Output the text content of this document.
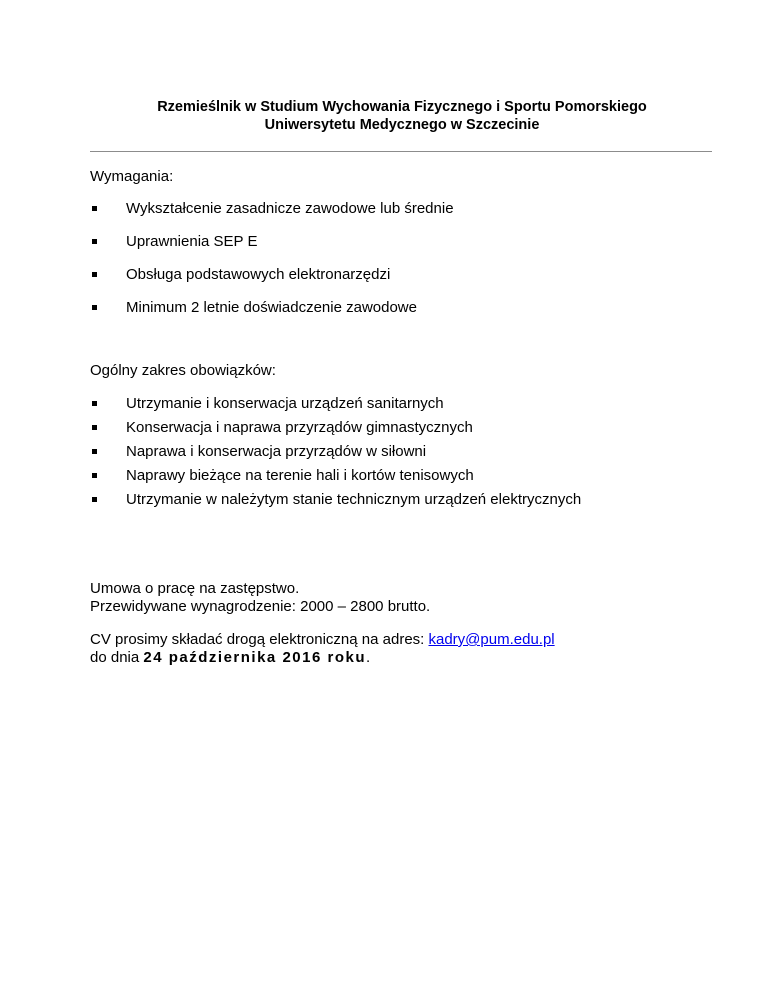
Rzemieślnik w Studium Wychowania Fizycznego i Sportu Pomorskiego
Uniwersytetu Medycznego w Szczecinie
Wymagania:
Wykształcenie zasadnicze zawodowe lub średnie
Uprawnienia SEP E
Obsługa podstawowych elektronarzędzi
Minimum 2 letnie doświadczenie zawodowe
Ogólny zakres obowiązków:
Utrzymanie i konserwacja urządzeń sanitarnych
Konserwacja i naprawa przyrządów gimnastycznych
Naprawa i konserwacja przyrządów w siłowni
Naprawy bieżące na terenie hali i kortów tenisowych
Utrzymanie w należytym stanie technicznym urządzeń elektrycznych
Umowa o pracę na zastępstwo.
Przewidywane wynagrodzenie: 2000 – 2800 brutto.
CV prosimy składać drogą elektroniczną na adres: kadry@pum.edu.pl
do dnia 24 października 2016 roku.
